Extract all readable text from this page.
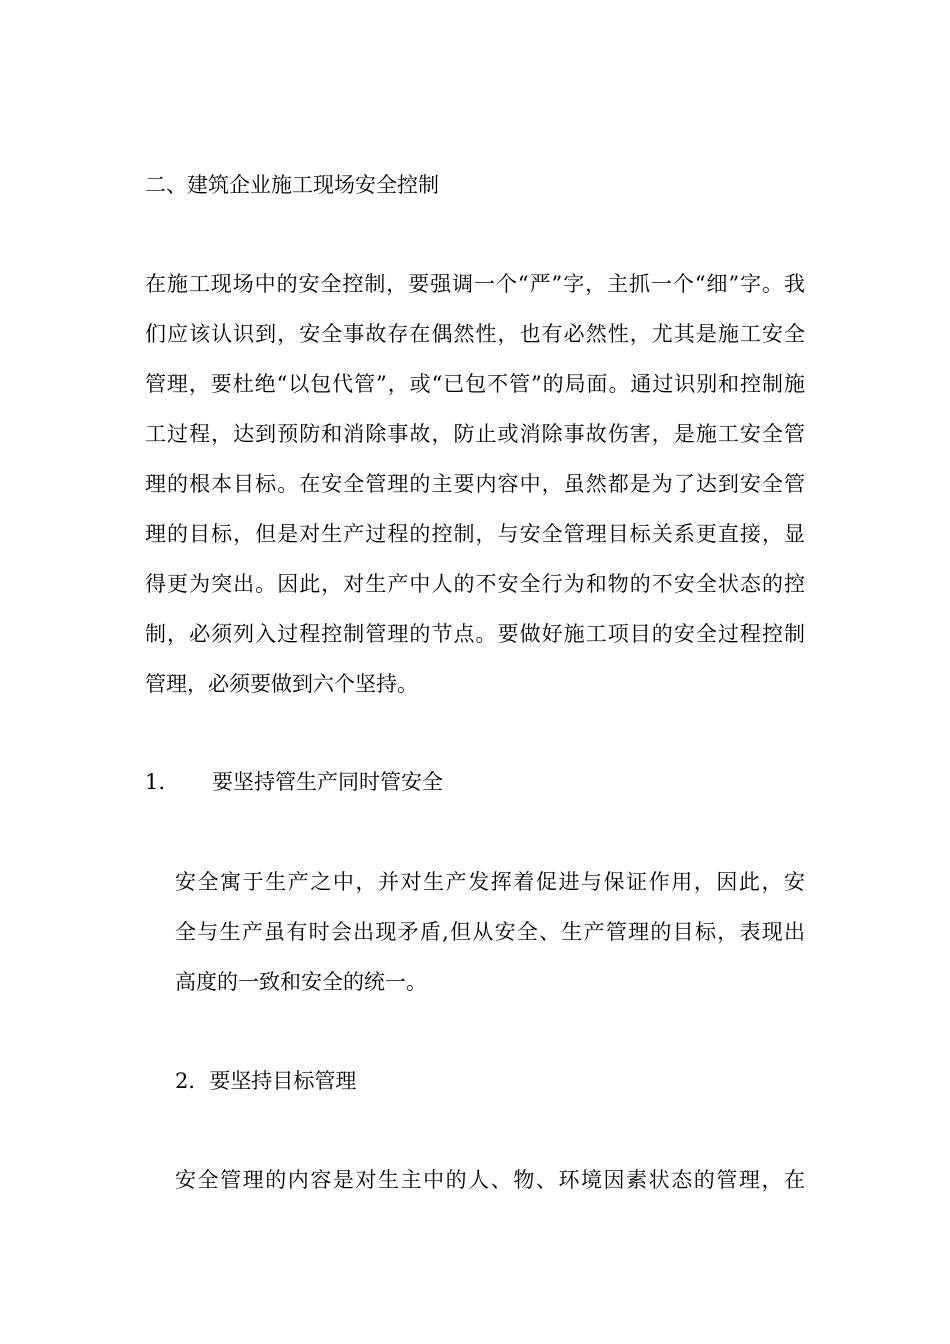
二、建筑企业施工现场安全控制

在施工现场中的安全控制，要强调一个“严”字，主抓一个“细”字。我

们应该认识到，安全事故存在偶然性，也有必然性，尤其是施工安全

管理，要杜绝“以包代管”，或“已包不管”的局面。通过识别和控制施

工过程，达到预防和消除事故，防止或消除事故伤害，是施工安全管

理的根本目标。在安全管理的主要内容中，虽然都是为了达到安全管

理的目标，但是对生产过程的控制，与安全管理目标关系更直接，显

得更为突出。因此，对生产中人的不安全行为和物的不安全状态的控

制，必须列入过程控制管理的节点。要做好施工项目的安全过程控制

管理，必须要做到六个坚持。

1. 要坚持管生产同时管安全

安全寓于生产之中，并对生产发挥着促进与保证作用，因此，安

全与生产虽有时会出现矛盾,但从安全、生产管理的目标，表现出

高度的一致和安全的统一。

2．要坚持目标管理

安全管理的内容是对生主中的人、物、环境因素状态的管理，在
